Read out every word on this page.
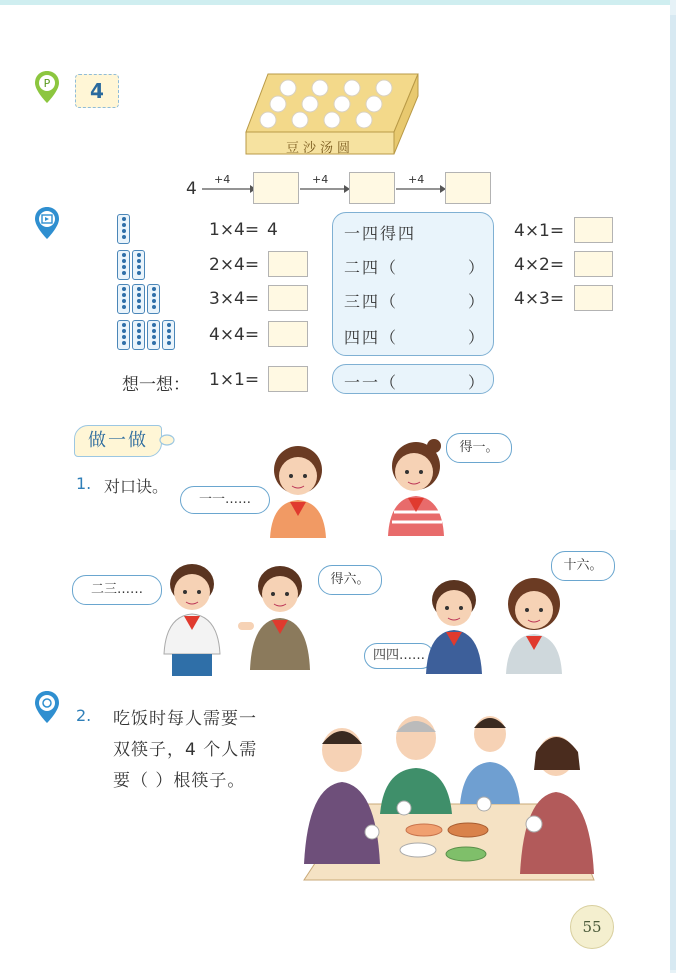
P	4
豆沙汤圆
4 +4	+4	+4
1×4= 4
2×4=
3×4=
4×4=
一四得四
二四（	）
三四（	）
四四（	）
4×1=
4×2=
4×3=
想一想： 1×1=	一一（	）
做一做
1. 对口诀。
一一……
得一。
二三……
得六。
四四……
十六。
2. 吃饭时每人需要一
双筷子，4 个人需
要（ ）根筷子。
55
